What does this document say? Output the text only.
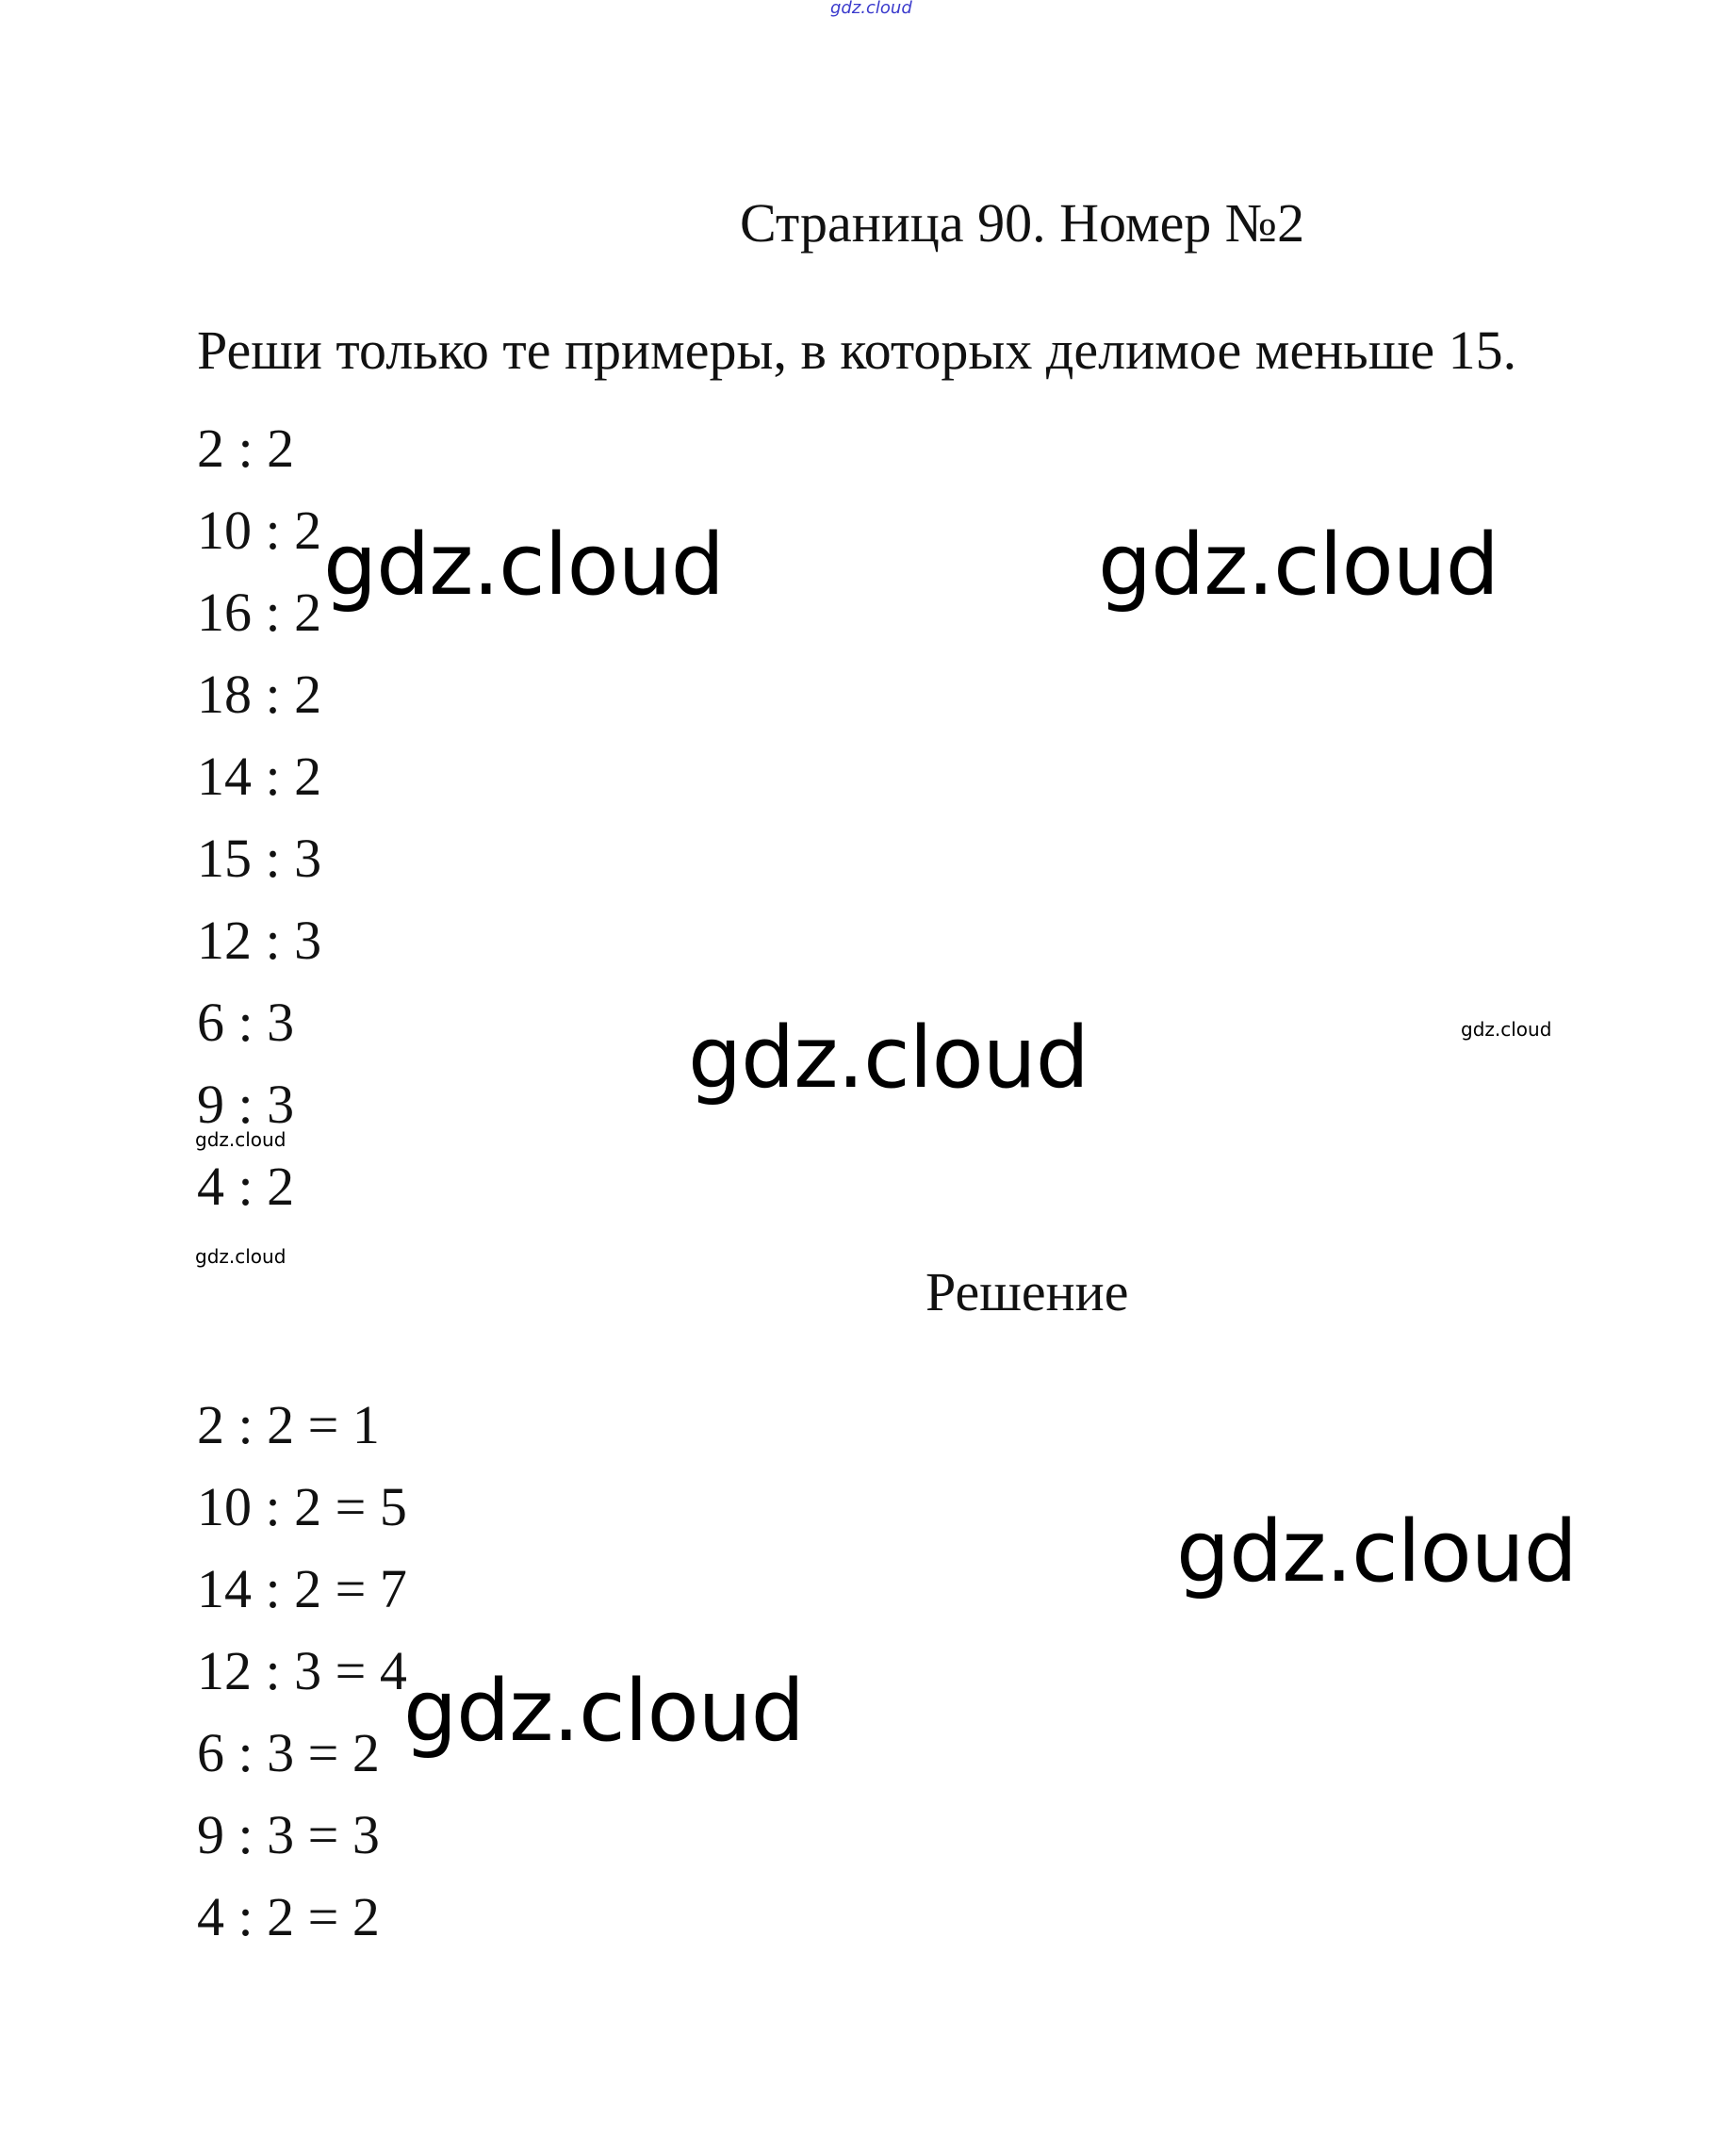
gdz.cloud
Страница 90. Номер №2
Реши только те примеры, в которых делимое меньше 15.
2 : 2
10 : 2
16 : 2
18 : 2
14 : 2
15 : 3
12 : 3
6 : 3
9 : 3
4 : 2
Решение
2 : 2 = 1
10 : 2 = 5
14 : 2 = 7
12 : 3 = 4
6 : 3 = 2
9 : 3 = 3
4 : 2 = 2
gdz.cloud	gdz.cloud
gdz.cloud	gdz.cloud
gdz.cloud
gdz.cloud
gdz.cloud
gdz.cloud
